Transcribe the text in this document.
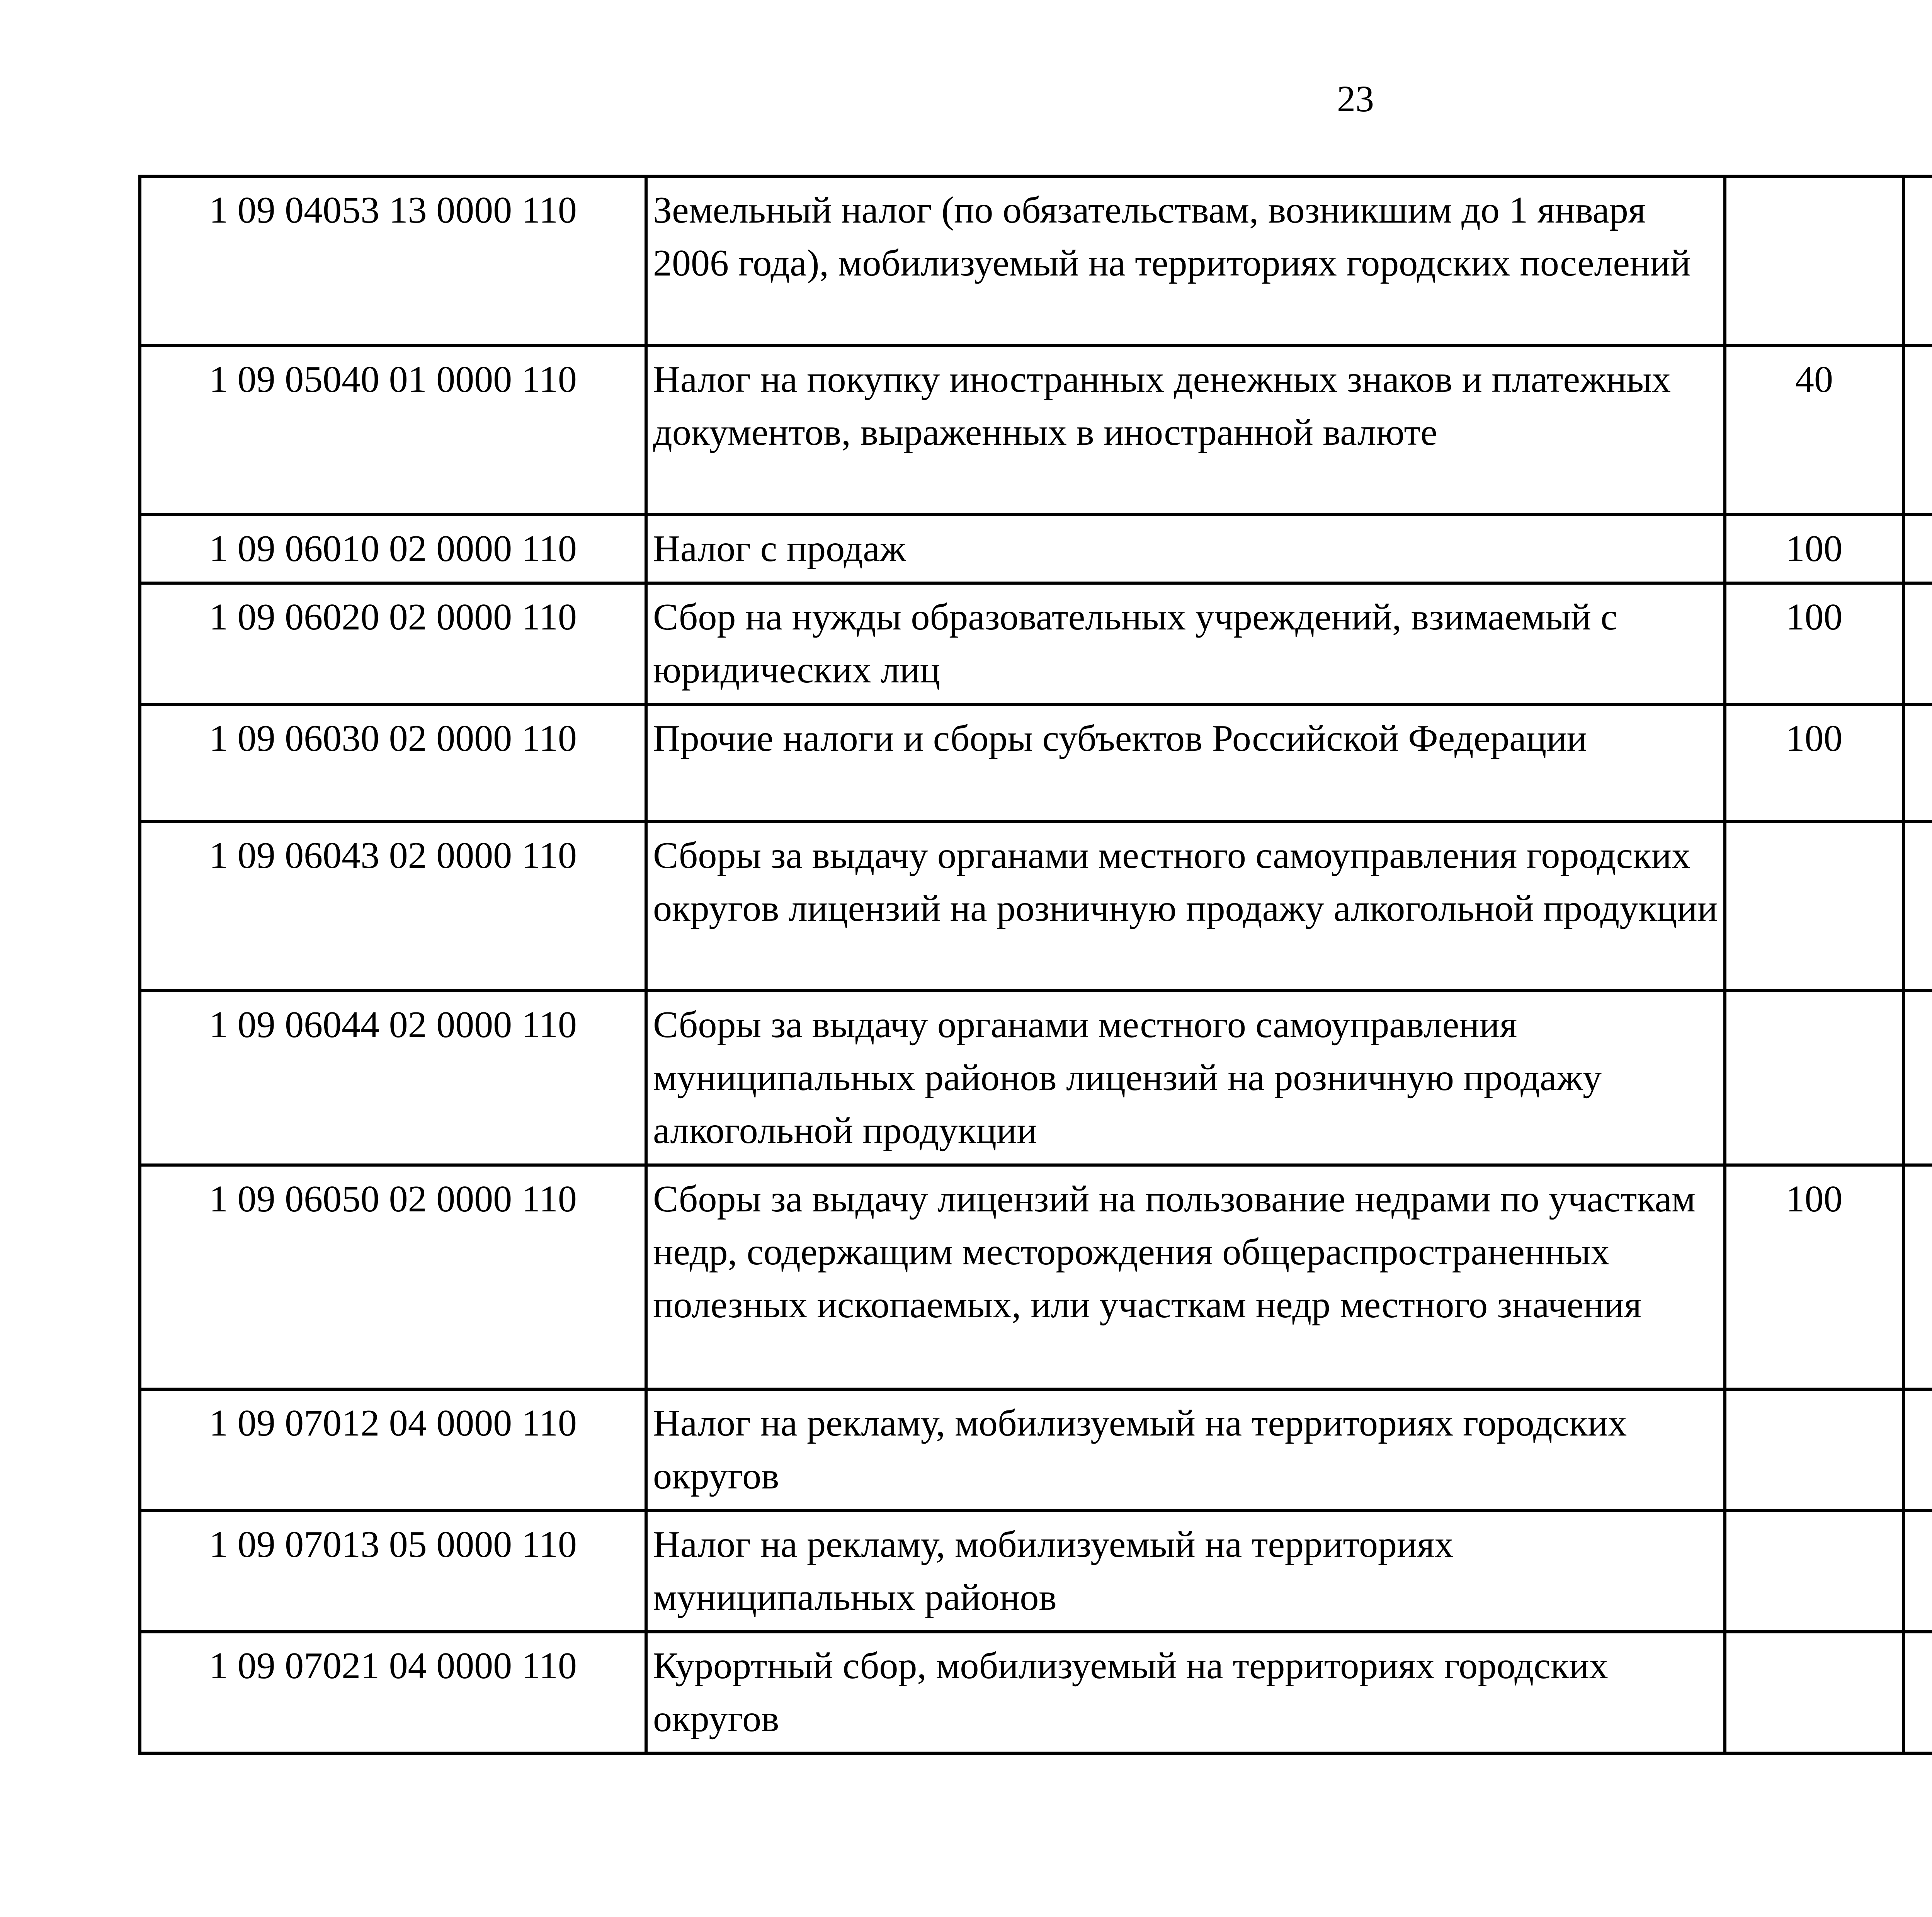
23
1 09 04053 13 0000 110	Земельный налог (по обязательствам, возникшим до 1 января 2006 года), мобилизуемый на территориях городских поселений					
1 09 05040 01 0000 110	Налог на покупку иностранных денежных знаков и платежных документов, выраженных в иностранной валюте	40				
1 09 06010 02 0000 110	Налог с продаж	100				
1 09 06020 02 0000 110	Сбор на нужды образовательных учреждений, взимаемый с юридических лиц	100				
1 09 06030 02 0000 110	Прочие налоги и сборы субъектов Российской Федерации	100				
1 09 06043 02 0000 110	Сборы за выдачу органами местного самоуправления городских округов лицензий на розничную продажу алкогольной продукции					
1 09 06044 02 0000 110	Сборы за выдачу органами местного самоуправления муниципальных районов лицензий на розничную продажу алкогольной продукции					
1 09 06050 02 0000 110	Сборы за выдачу лицензий на пользование недрами по участкам недр, содержащим месторождения общераспространенных полезных ископаемых, или участкам недр местного значения	100				
1 09 07012 04 0000 110	Налог на рекламу, мобилизуемый на территориях городских округов					
1 09 07013 05 0000 110	Налог на рекламу, мобилизуемый на территориях муниципальных районов					
1 09 07021 04 0000 110	Курортный сбор, мобилизуемый на территориях городских округов					
